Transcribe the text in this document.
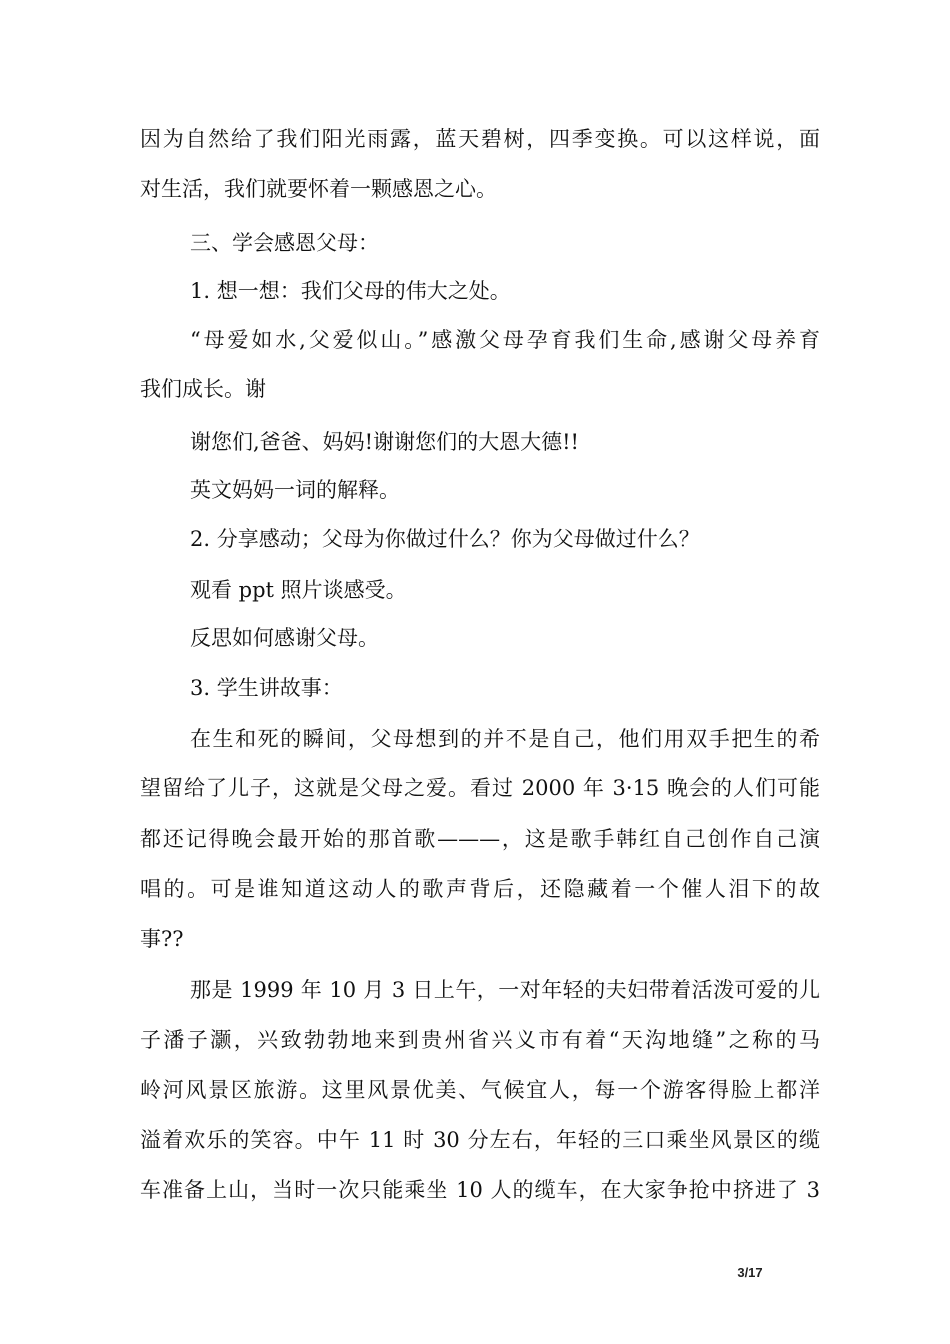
因为自然给了我们阳光雨露，蓝天碧树，四季变换。可以这样说，面
对生活，我们就要怀着一颗感恩之心。
三、学会感恩父母：
1. 想一想：我们父母的伟大之处。
“母爱如水,父爱似山。”感激父母孕育我们生命,感谢父母养育
我们成长。谢
谢您们,爸爸、妈妈!谢谢您们的大恩大德!!
英文妈妈一词的解释。
2. 分享感动；父母为你做过什么？你为父母做过什么？
观看 ppt 照片谈感受。
反思如何感谢父母。
3. 学生讲故事：
在生和死的瞬间，父母想到的并不是自己，他们用双手把生的希
望留给了儿子，这就是父母之爱。看过 2000 年 3·15 晚会的人们可能
都还记得晚会最开始的那首歌———，这是歌手韩红自己创作自己演
唱的。可是谁知道这动人的歌声背后，还隐藏着一个催人泪下的故
事??
那是 1999 年 10 月 3 日上午，一对年轻的夫妇带着活泼可爱的儿
子潘子灏，兴致勃勃地来到贵州省兴义市有着“天沟地缝”之称的马
岭河风景区旅游。这里风景优美、气候宜人，每一个游客得脸上都洋
溢着欢乐的笑容。中午 11 时 30 分左右，年轻的三口乘坐风景区的缆
车准备上山，当时一次只能乘坐 10 人的缆车，在大家争抢中挤进了 3
3/17
